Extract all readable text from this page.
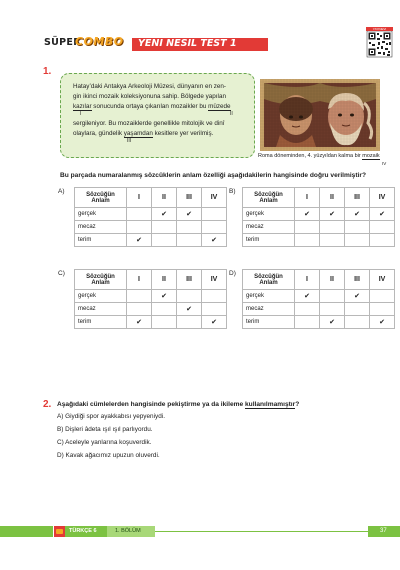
SÜPER
COMBO YENİ NESİL TEST 1
YAYINEVI
1.
Hatay’daki Antakya Arkeoloji Müzesi, dünyanın en zen-
gin ikinci mozaik koleksiyonuna sahip. Bölgede yapılan
kazılar sonucunda ortaya çıkarılan mozaikler bu müzede
I	II
sergileniyor. Bu mozaiklerde genellikle mitolojik ve dinî
olaylara, gündelik yaşamdan kesitlere yer verilmiş.
III
Roma döneminden, 4. yüzyıldan kalma bir mozaik
IV
Bu parçada numaralanmış sözcüklerin anlam özelliği aşağıdakilerin hangisinde doğru verilmiştir?
A)	Sözcüğün Anlam	I	II	III	IV
gerçek		✔	✔	
mecaz				
terim	✔			✔
B)	Sözcüğün Anlam	I	II	III	IV
gerçek	✔	✔	✔	✔
mecaz				
terim				
C)	Sözcüğün Anlam	I	II	III	IV
gerçek		✔		
mecaz			✔	
terim	✔			✔
D)	Sözcüğün Anlam	I	II	III	IV
gerçek	✔		✔	
mecaz				
terim		✔		✔
2. Aşağıdaki cümlelerden hangisinde pekiştirme ya da ikileme kullanılmamıştır?
A) Giydiği spor ayakkabısı yepyeniydi.
B) Dişleri âdeta ışıl ışıl parlıyordu.
C) Aceleyle yanlarına koşuverdik.
D) Kavak ağacımız upuzun oluverdi.
TÜRKÇE 6	1. BÖLÜM	37
